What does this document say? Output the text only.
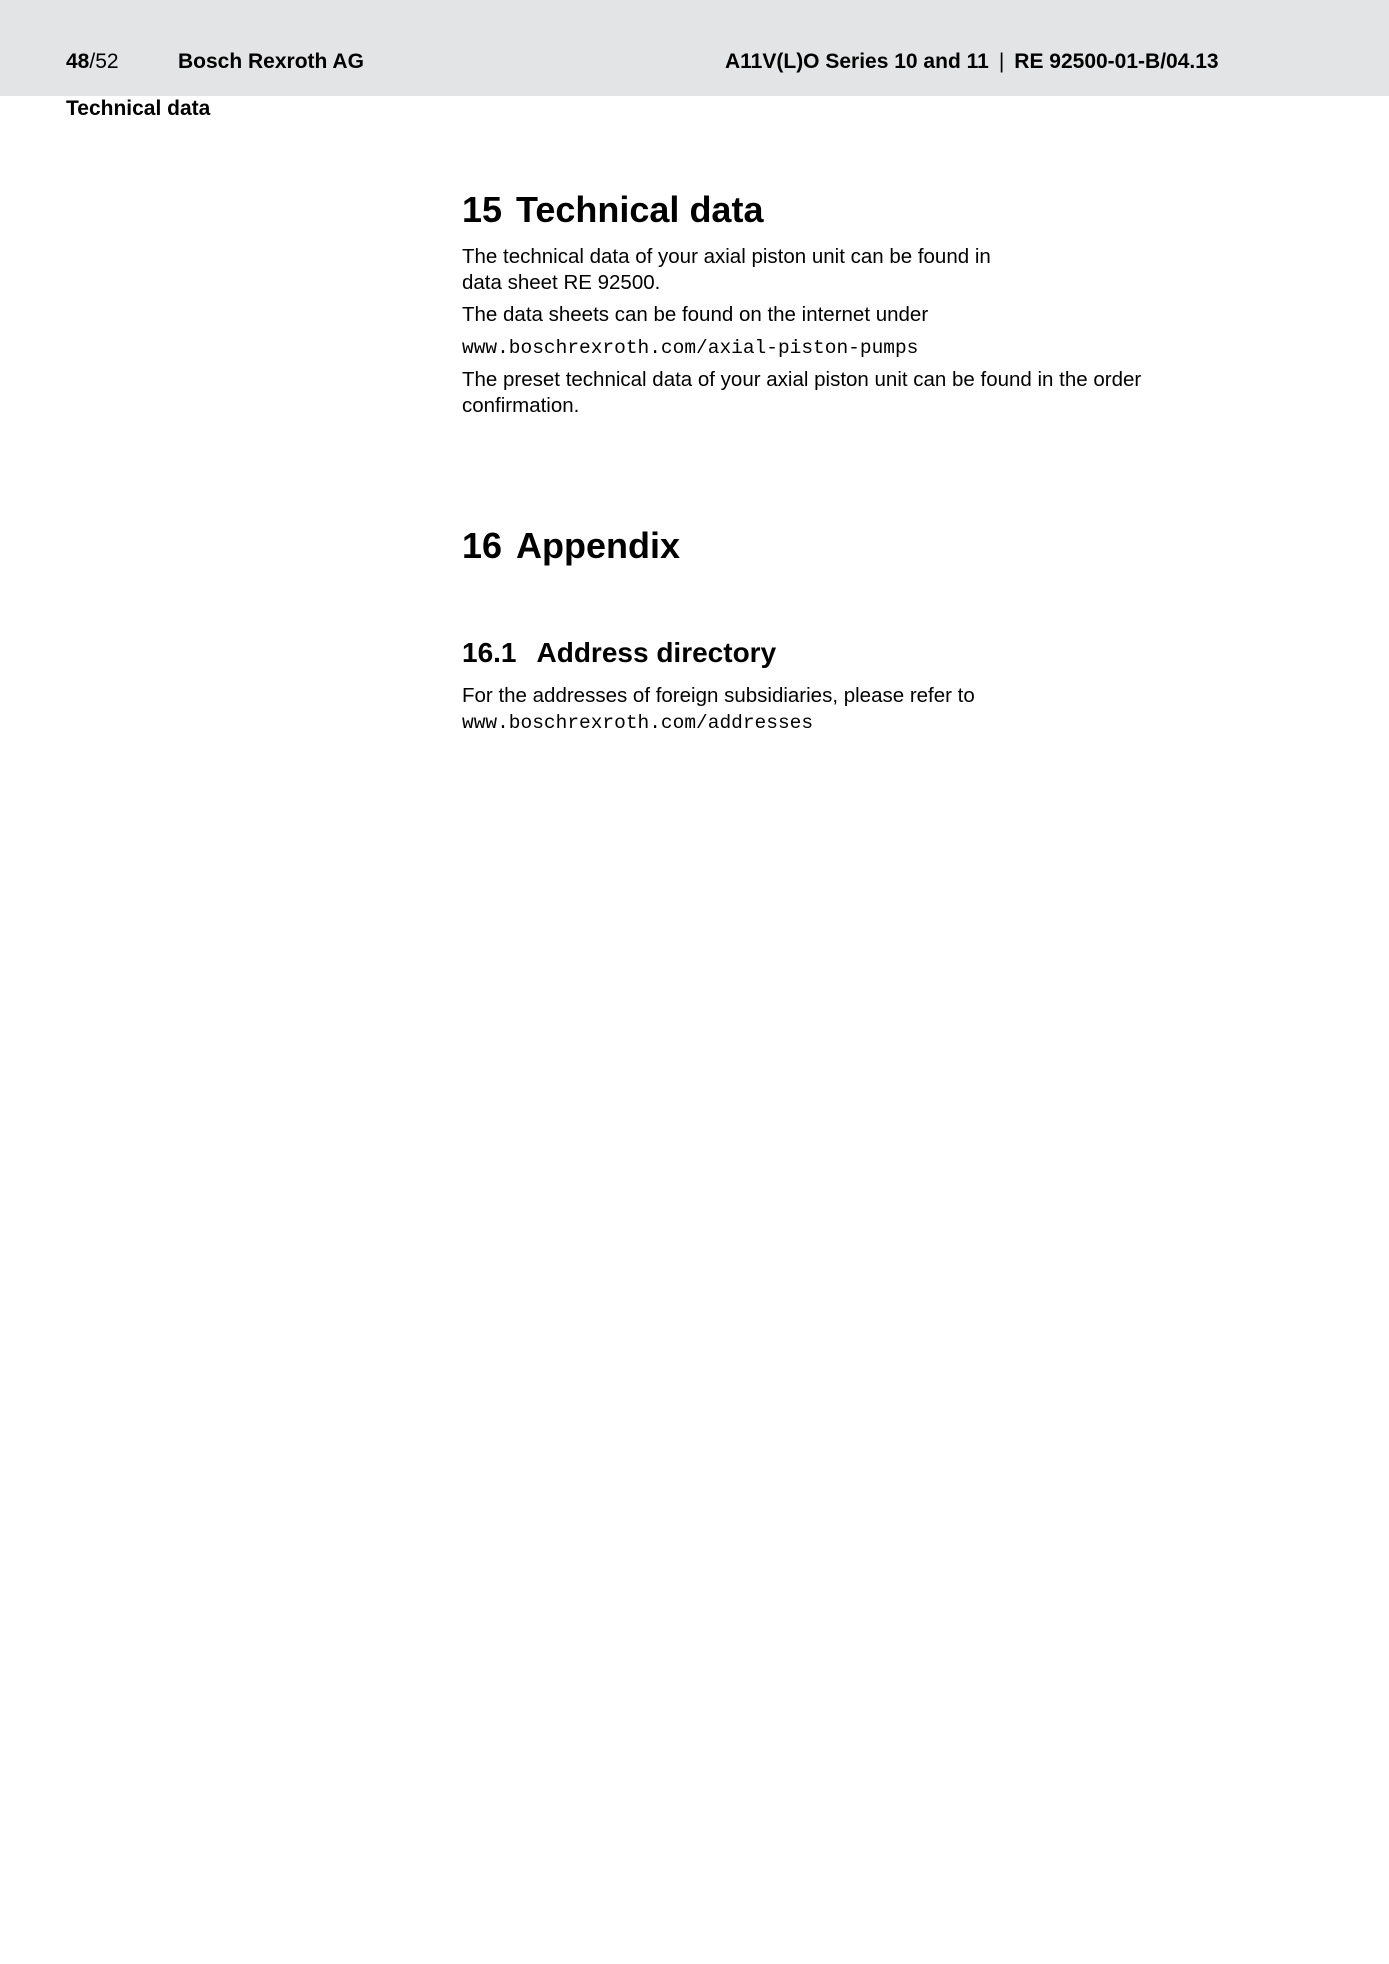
48/52	Bosch Rexroth AG	A11V(L)O Series 10 and 11 | RE 92500-01-B/04.13
Technical data
15 Technical data
The technical data of your axial piston unit can be found in
data sheet RE 92500.
The data sheets can be found on the internet under
www.boschrexroth.com/axial-piston-pumps
The preset technical data of your axial piston unit can be found in the order
confirmation.
16 Appendix
16.1 Address directory
For the addresses of foreign subsidiaries, please refer to
www.boschrexroth.com/addresses
